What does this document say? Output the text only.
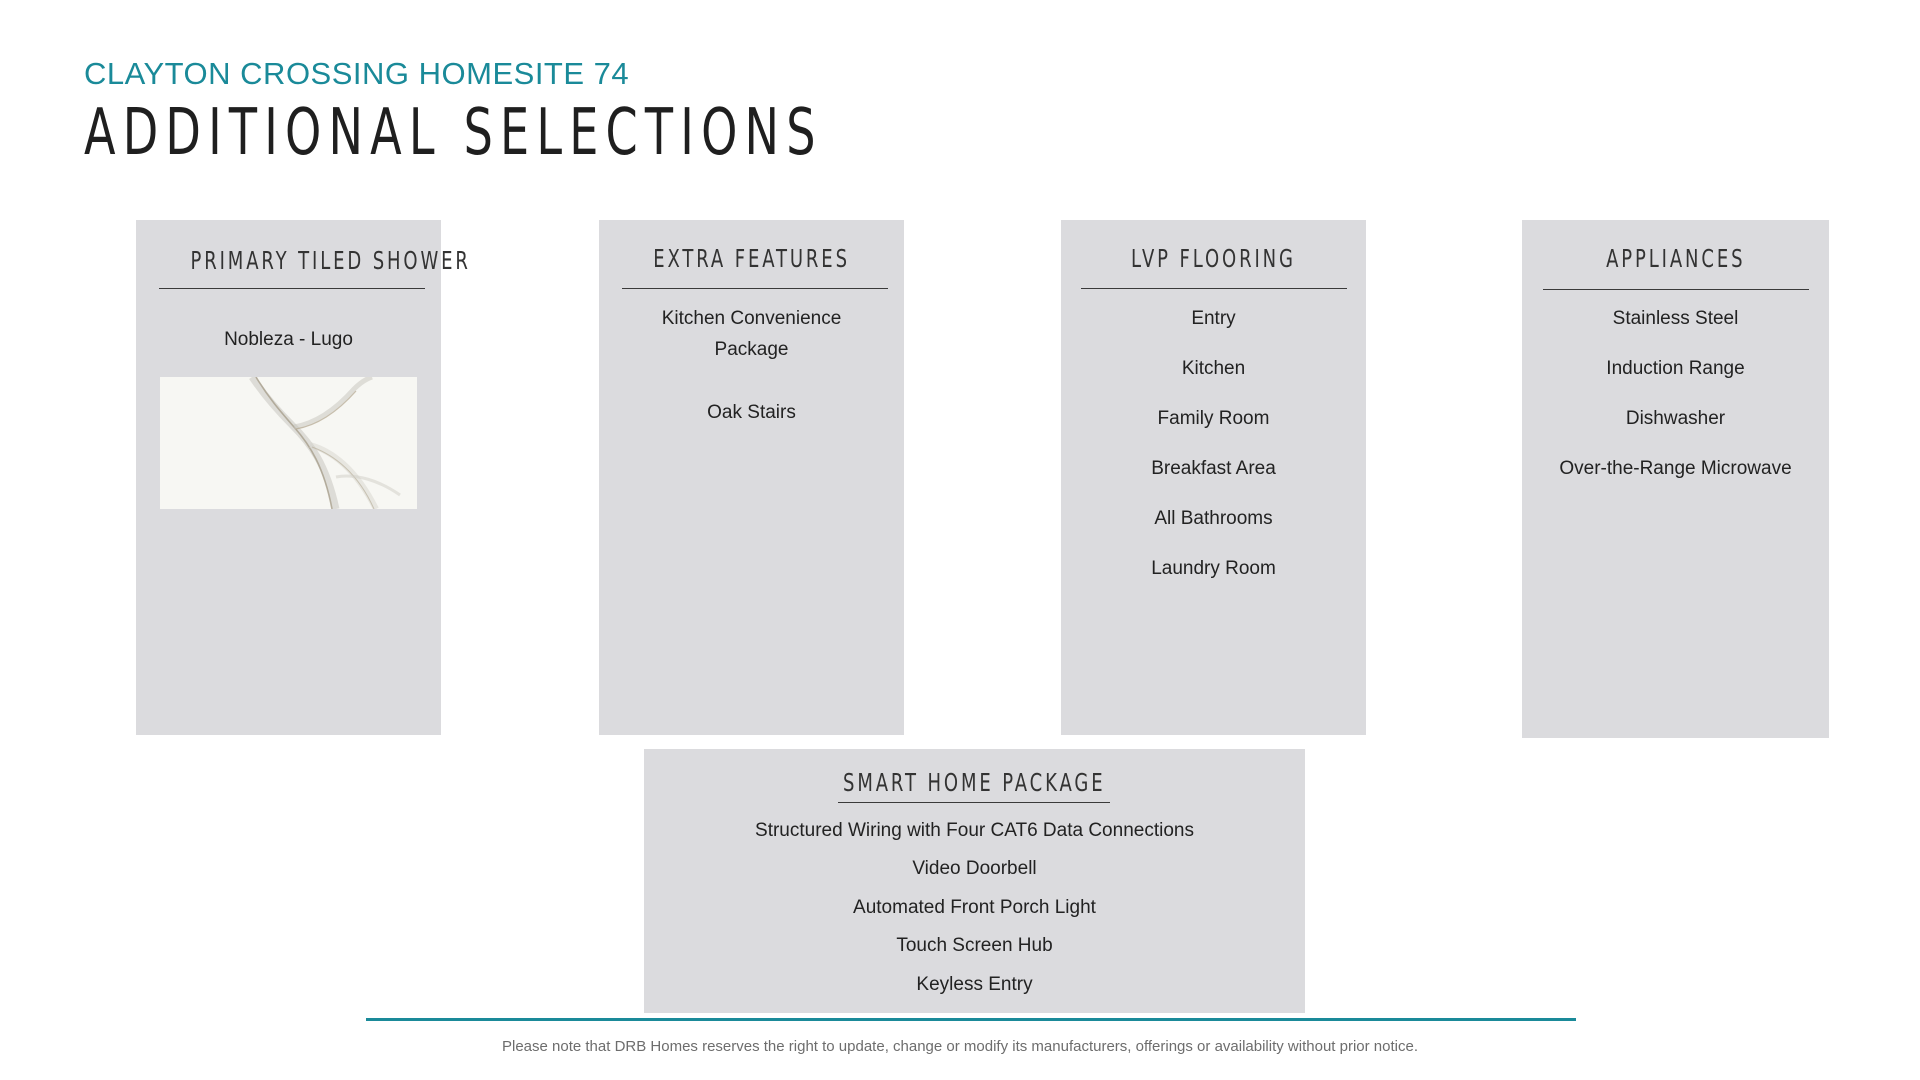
CLAYTON CROSSING HOMESITE 74
ADDITIONAL SELECTIONS
PRIMARY TILED SHOWER
Nobleza - Lugo
EXTRA FEATURES
Kitchen Convenience
Package
Oak Stairs
LVP FLOORING
Entry
Kitchen
Family Room
Breakfast Area
All Bathrooms
Laundry Room
APPLIANCES
Stainless Steel
Induction Range
Dishwasher
Over-the-Range Microwave
SMART HOME PACKAGE
Structured Wiring with Four CAT6 Data Connections
Video Doorbell
Automated Front Porch Light
Touch Screen Hub
Keyless Entry
Please note that DRB Homes reserves the right to update, change or modify its manufacturers, offerings or availability without prior notice.
